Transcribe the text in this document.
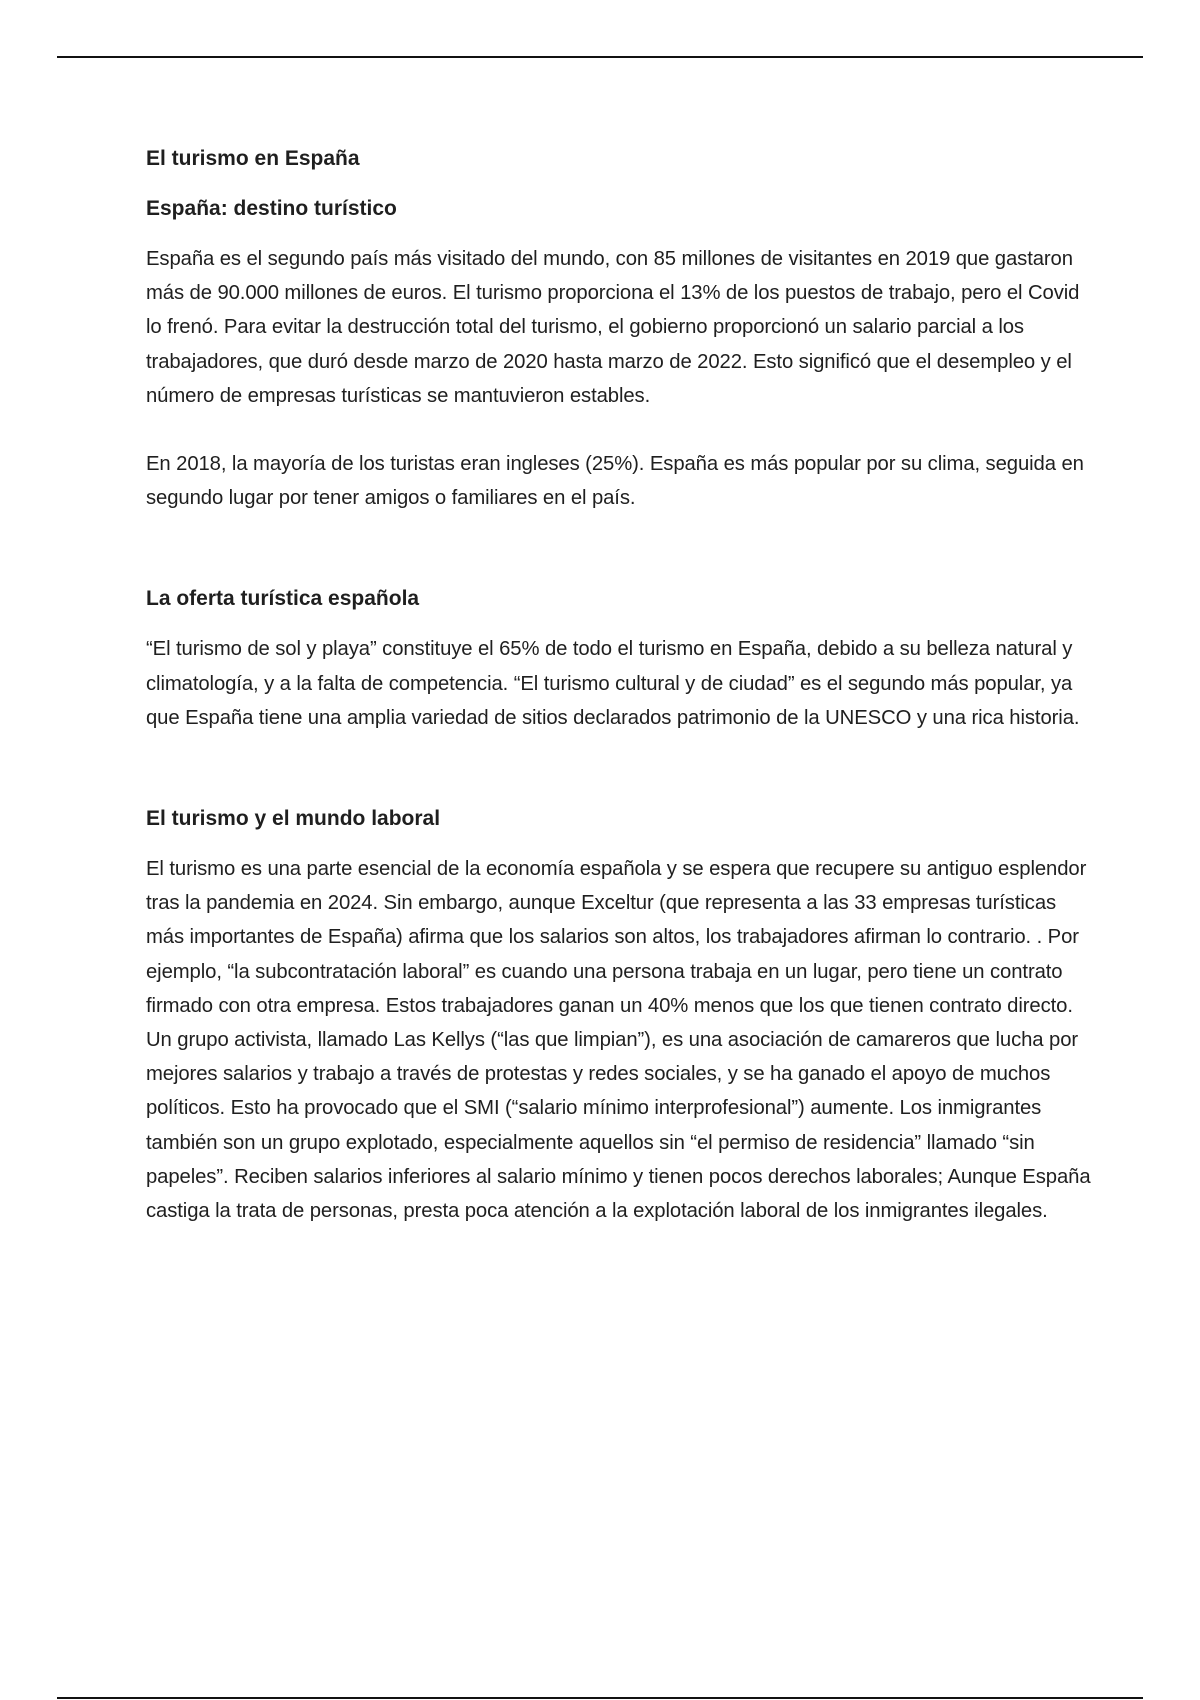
El turismo en España
España: destino turístico

España es el segundo país más visitado del mundo, con 85 millones de visitantes en 2019 que gastaron más de 90.000 millones de euros. El turismo proporciona el 13% de los puestos de trabajo, pero el Covid lo frenó. Para evitar la destrucción total del turismo, el gobierno proporcionó un salario parcial a los trabajadores, que duró desde marzo de 2020 hasta marzo de 2022. Esto significó que el desempleo y el número de empresas turísticas se mantuvieron estables.

En 2018, la mayoría de los turistas eran ingleses (25%). España es más popular por su clima, seguida en segundo lugar por tener amigos o familiares en el país.

La oferta turística española

“El turismo de sol y playa” constituye el 65% de todo el turismo en España, debido a su belleza natural y climatología, y a la falta de competencia. “El turismo cultural y de ciudad” es el segundo más popular, ya que España tiene una amplia variedad de sitios declarados patrimonio de la UNESCO y una rica historia.

El turismo y el mundo laboral

El turismo es una parte esencial de la economía española y se espera que recupere su antiguo esplendor tras la pandemia en 2024. Sin embargo, aunque Exceltur (que representa a las 33 empresas turísticas más importantes de España) afirma que los salarios son altos, los trabajadores afirman lo contrario. . Por ejemplo, “la subcontratación laboral” es cuando una persona trabaja en un lugar, pero tiene un contrato firmado con otra empresa. Estos trabajadores ganan un 40% menos que los que tienen contrato directo. Un grupo activista, llamado Las Kellys (“las que limpian”), es una asociación de camareros que lucha por mejores salarios y trabajo a través de protestas y redes sociales, y se ha ganado el apoyo de muchos políticos. Esto ha provocado que el SMI (“salario mínimo interprofesional”) aumente. Los inmigrantes también son un grupo explotado, especialmente aquellos sin “el permiso de residencia” llamado “sin papeles”. Reciben salarios inferiores al salario mínimo y tienen pocos derechos laborales; Aunque España castiga la trata de personas, presta poca atención a la explotación laboral de los inmigrantes ilegales.
